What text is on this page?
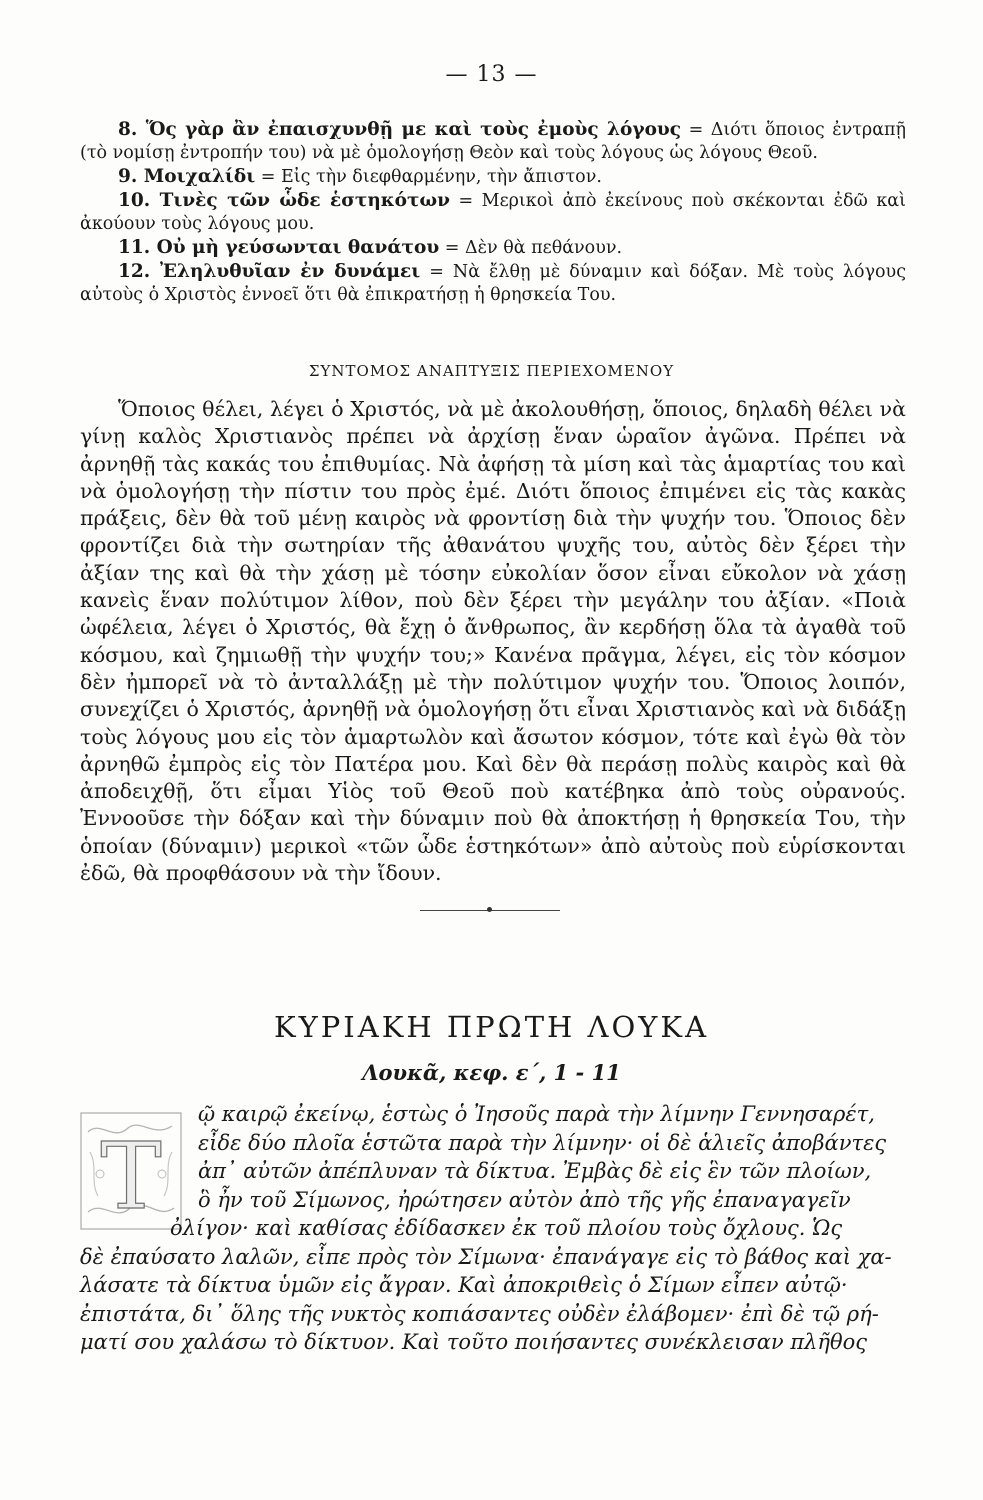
— 13 —

8. Ὅς γὰρ ἂν ἐπαισχυνθῇ με καὶ τοὺς ἐμοὺς λόγους = Διότι ὅποιος ἐντραπῇ (τὸ νομίσῃ ἐντροπήν του) νὰ μὲ ὁμολογήσῃ Θεὸν καὶ τοὺς λόγους ὡς λόγους Θεοῦ.

9. Μοιχαλίδι = Εἰς τὴν διεφθαρμένην, τὴν ἄπιστον.

10. Τινὲς τῶν ὧδε ἑστηκότων = Μερικοὶ ἀπὸ ἐκείνους ποὺ σκέκονται ἐδῶ καὶ ἀκούουν τοὺς λόγους μου.

11. Οὐ μὴ γεύσωνται θανάτου = Δὲν θὰ πεθάνουν.

12. Ἐληλυθυῖαν ἐν δυνάμει = Νὰ ἔλθῃ μὲ δύναμιν καὶ δόξαν. Μὲ τοὺς λόγους αὐτοὺς ὁ Χριστὸς ἐννοεῖ ὅτι θὰ ἐπικρατήσῃ ἡ θρησκεία Του.

ΣΥΝΤΟΜΟΣ ΑΝΑΠΤΥΞΙΣ ΠΕΡΙΕΧΟΜΕΝΟΥ

Ὅποιος θέλει, λέγει ὁ Χριστός, νὰ μὲ ἀκολουθήσῃ, ὅποιος, δηλαδὴ θέλει νὰ γίνῃ καλὸς Χριστιανὸς πρέπει νὰ ἀρχίσῃ ἕναν ὡραῖον ἀγῶνα. Πρέπει νὰ ἀρνηθῇ τὰς κακάς του ἐπιθυμίας. Νὰ ἀφήσῃ τὰ μίση καὶ τὰς ἁμαρτίας του καὶ νὰ ὁμολογήσῃ τὴν πίστιν του πρὸς ἐμέ. Διότι ὅποιος ἐπιμένει εἰς τὰς κακὰς πράξεις, δὲν θὰ τοῦ μένῃ καιρὸς νὰ φροντίσῃ διὰ τὴν ψυχήν του. Ὅποιος δὲν φροντίζει διὰ τὴν σωτηρίαν τῆς ἀθανάτου ψυχῆς του, αὐτὸς δὲν ξέρει τὴν ἀξίαν της καὶ θὰ τὴν χάσῃ μὲ τόσην εὐκολίαν ὅσον εἶναι εὔκολον νὰ χάσῃ κανεὶς ἕναν πολύτιμον λίθον, ποὺ δὲν ξέρει τὴν μεγάλην του ἀξίαν. «Ποιὰ ὠφέλεια, λέγει ὁ Χριστός, θὰ ἔχῃ ὁ ἄνθρωπος, ἂν κερδήσῃ ὅλα τὰ ἀγαθὰ τοῦ κόσμου, καὶ ζημιωθῇ τὴν ψυχήν του;» Κανένα πρᾶγμα, λέγει, εἰς τὸν κόσμον δὲν ἠμπορεῖ νὰ τὸ ἀνταλλάξῃ μὲ τὴν πολύτιμον ψυχήν του. Ὅποιος λοιπόν, συνεχίζει ὁ Χριστός, ἀρνηθῇ νὰ ὁμολογήσῃ ὅτι εἶναι Χριστιανὸς καὶ νὰ διδάξῃ τοὺς λόγους μου εἰς τὸν ἁμαρτωλὸν καὶ ἄσωτον κόσμον, τότε καὶ ἐγὼ θὰ τὸν ἀρνηθῶ ἐμπρὸς εἰς τὸν Πατέρα μου. Καὶ δὲν θὰ περάσῃ πολὺς καιρὸς καὶ θὰ ἀποδειχθῇ, ὅτι εἶμαι Υἱὸς τοῦ Θεοῦ ποὺ κατέβηκα ἀπὸ τοὺς οὐρανούς. Ἐννοοῦσε τὴν δόξαν καὶ τὴν δύναμιν ποὺ θὰ ἀποκτήσῃ ἡ θρησκεία Του, τὴν ὁποίαν (δύναμιν) μερικοὶ «τῶν ὧδε ἑστηκότων» ἀπὸ αὐτοὺς ποὺ εὑρίσκονται ἐδῶ, θὰ προφθάσουν νὰ τὴν ἴδουν.

ΚΥΡΙΑΚΗ ΠΡΩΤΗ ΛΟΥΚΑ
Λουκᾶ, κεφ. ε΄, 1 - 11
Τ
ῷ καιρῷ ἐκείνῳ, ἑστὼς ὁ Ἰησοῦς παρὰ τὴν λίμνην Γεννησαρέτ,
εἶδε δύο πλοῖα ἑστῶτα παρὰ τὴν λίμνην· οἱ δὲ ἁλιεῖς ἀποβάντες
ἀπ᾿ αὐτῶν ἀπέπλυναν τὰ δίκτυα. Ἐμβὰς δὲ εἰς ἓν τῶν πλοίων,
ὃ ἦν τοῦ Σίμωνος, ἠρώτησεν αὐτὸν ἀπὸ τῆς γῆς ἐπαναγαγεῖν
ὀλίγον· καὶ καθίσας ἐδίδασκεν ἐκ τοῦ πλοίου τοὺς ὄχλους. Ὡς
δὲ ἐπαύσατο λαλῶν, εἶπε πρὸς τὸν Σίμωνα· ἐπανάγαγε εἰς τὸ βάθος καὶ χα-
λάσατε τὰ δίκτυα ὑμῶν εἰς ἄγραν. Καὶ ἀποκριθεὶς ὁ Σίμων εἶπεν αὐτῷ·
ἐπιστάτα, δι᾿ ὅλης τῆς νυκτὸς κοπιάσαντες οὐδὲν ἐλάβομεν· ἐπὶ δὲ τῷ ρή-
ματί σου χαλάσω τὸ δίκτυον. Καὶ τοῦτο ποιήσαντες συνέκλεισαν πλῆθος
